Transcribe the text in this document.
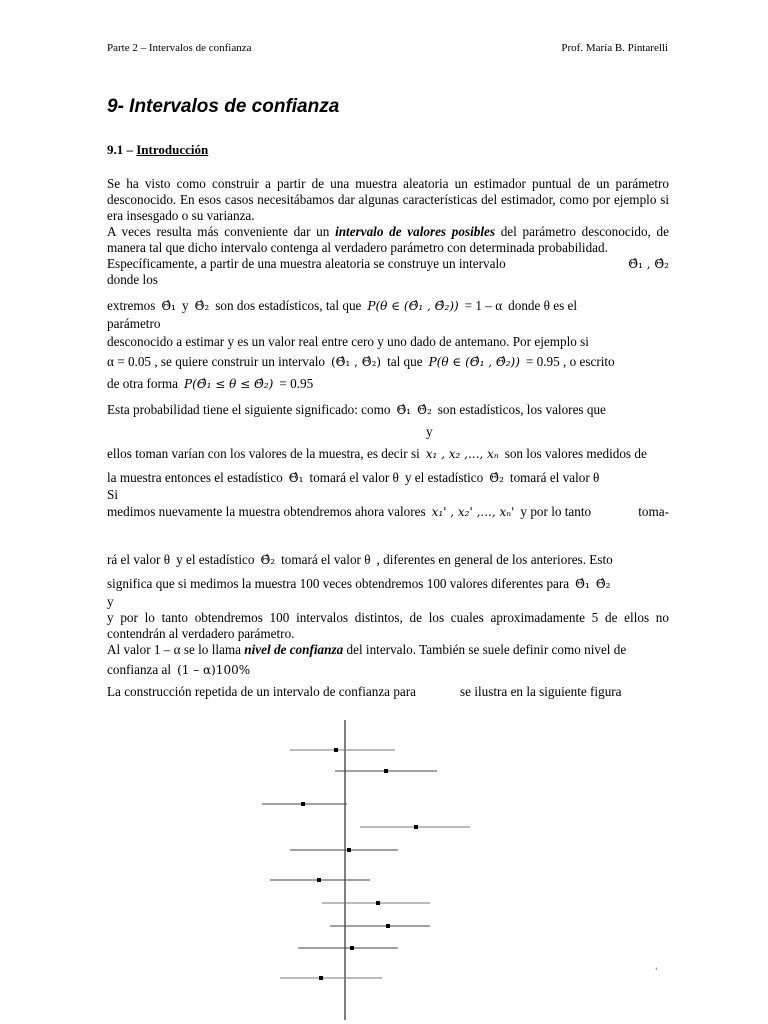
Parte 2 – Intervalos de confianza	Prof. María B. Pintarelli
9- Intervalos de confianza
9.1 – Introducción

Se ha visto como construir a partir de una muestra aleatoria un estimador puntual de un parámetro desconocido. En esos casos necesitábamos dar algunas características del estimador, como por ejemplo si era insesgado o su varianza.

A veces resulta más conveniente dar un intervalo de valores posibles del parámetro desconocido, de manera tal que dicho intervalo contenga al verdadero parámetro con determinada probabilidad.

Específicamente, a partir de una muestra aleatoria se construye un intervalo	Θ̂₁ , Θ̂₂
donde los
extremos Θ̂₁ y Θ̂₂ son dos estadísticos, tal que P(θ ∈ (Θ̂₁ , Θ̂₂)) = 1 – α donde θ es el
parámetro
desconocido a estimar y es un valor real entre cero y uno dado de antemano. Por ejemplo si
α = 0.05 , se quiere construir un intervalo (Θ̂₁ , Θ̂₂) tal que P(θ ∈ (Θ̂₁ , Θ̂₂)) = 0.95 , o escrito
de otra forma P(Θ̂₁ ≤ θ ≤ Θ̂₂) = 0.95
Esta probabilidad tiene el siguiente significado: como Θ̂₁ Θ̂₂ son estadísticos, los valores que
y
ellos toman varían con los valores de la muestra, es decir si x₁ , x₂ ,..., xₙ son los valores medidos de
la muestra entonces el estadístico Θ̂₁ tomará el valor θ y el estadístico Θ̂₂ tomará el valor θ
Si
medimos nuevamente la muestra obtendremos ahora valores x₁' , x₂' ,..., xₙ' y por lo tanto	toma-
rá el valor θ y el estadístico Θ̂₂ tomará el valor θ , diferentes en general de los anteriores. Esto
significa que si medimos la muestra 100 veces obtendremos 100 valores diferentes para Θ̂₁ Θ̂₂
y
y por lo tanto obtendremos 100 intervalos distintos, de los cuales aproximadamente 5 de ellos no contendrán al verdadero parámetro.
Al valor 1 – α se lo llama nivel de confianza del intervalo. También se suele definir como nivel de
confianza al (1 – α)100%
La construcción repetida de un intervalo de confianza para	se ilustra en la siguiente figura
ʻ
